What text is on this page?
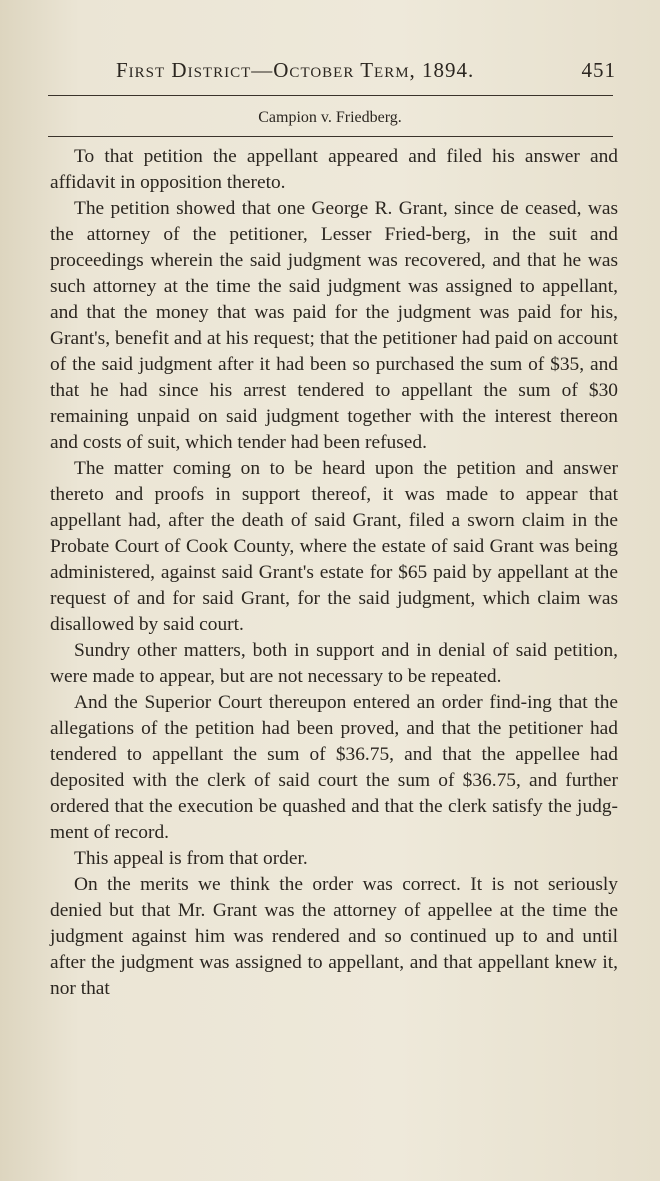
First District—October Term, 1894.	451
Campion v. Friedberg.

To that petition the appellant appeared and filed his answer and affidavit in opposition thereto.

The petition showed that one George R. Grant, since de ceased, was the attorney of the petitioner, Lesser Fried-berg, in the suit and proceedings wherein the said judgment was recovered, and that he was such attorney at the time the said judgment was assigned to appellant, and that the money that was paid for the judgment was paid for his, Grant's, benefit and at his request; that the petitioner had paid on account of the said judgment after it had been so purchased the sum of $35, and that he had since his arrest tendered to appellant the sum of $30 remaining unpaid on said judgment together with the interest thereon and costs of suit, which tender had been refused.

The matter coming on to be heard upon the petition and answer thereto and proofs in support thereof, it was made to appear that appellant had, after the death of said Grant, filed a sworn claim in the Probate Court of Cook County, where the estate of said Grant was being administered, against said Grant's estate for $65 paid by appellant at the request of and for said Grant, for the said judgment, which claim was disallowed by said court.

Sundry other matters, both in support and in denial of said petition, were made to appear, but are not necessary to be repeated.

And the Superior Court thereupon entered an order find-ing that the allegations of the petition had been proved, and that the petitioner had tendered to appellant the sum of $36.75, and that the appellee had deposited with the clerk of said court the sum of $36.75, and further ordered that the execution be quashed and that the clerk satisfy the judg-ment of record.

This appeal is from that order.

On the merits we think the order was correct. It is not seriously denied but that Mr. Grant was the attorney of appellee at the time the judgment against him was rendered and so continued up to and until after the judgment was assigned to appellant, and that appellant knew it, nor that
